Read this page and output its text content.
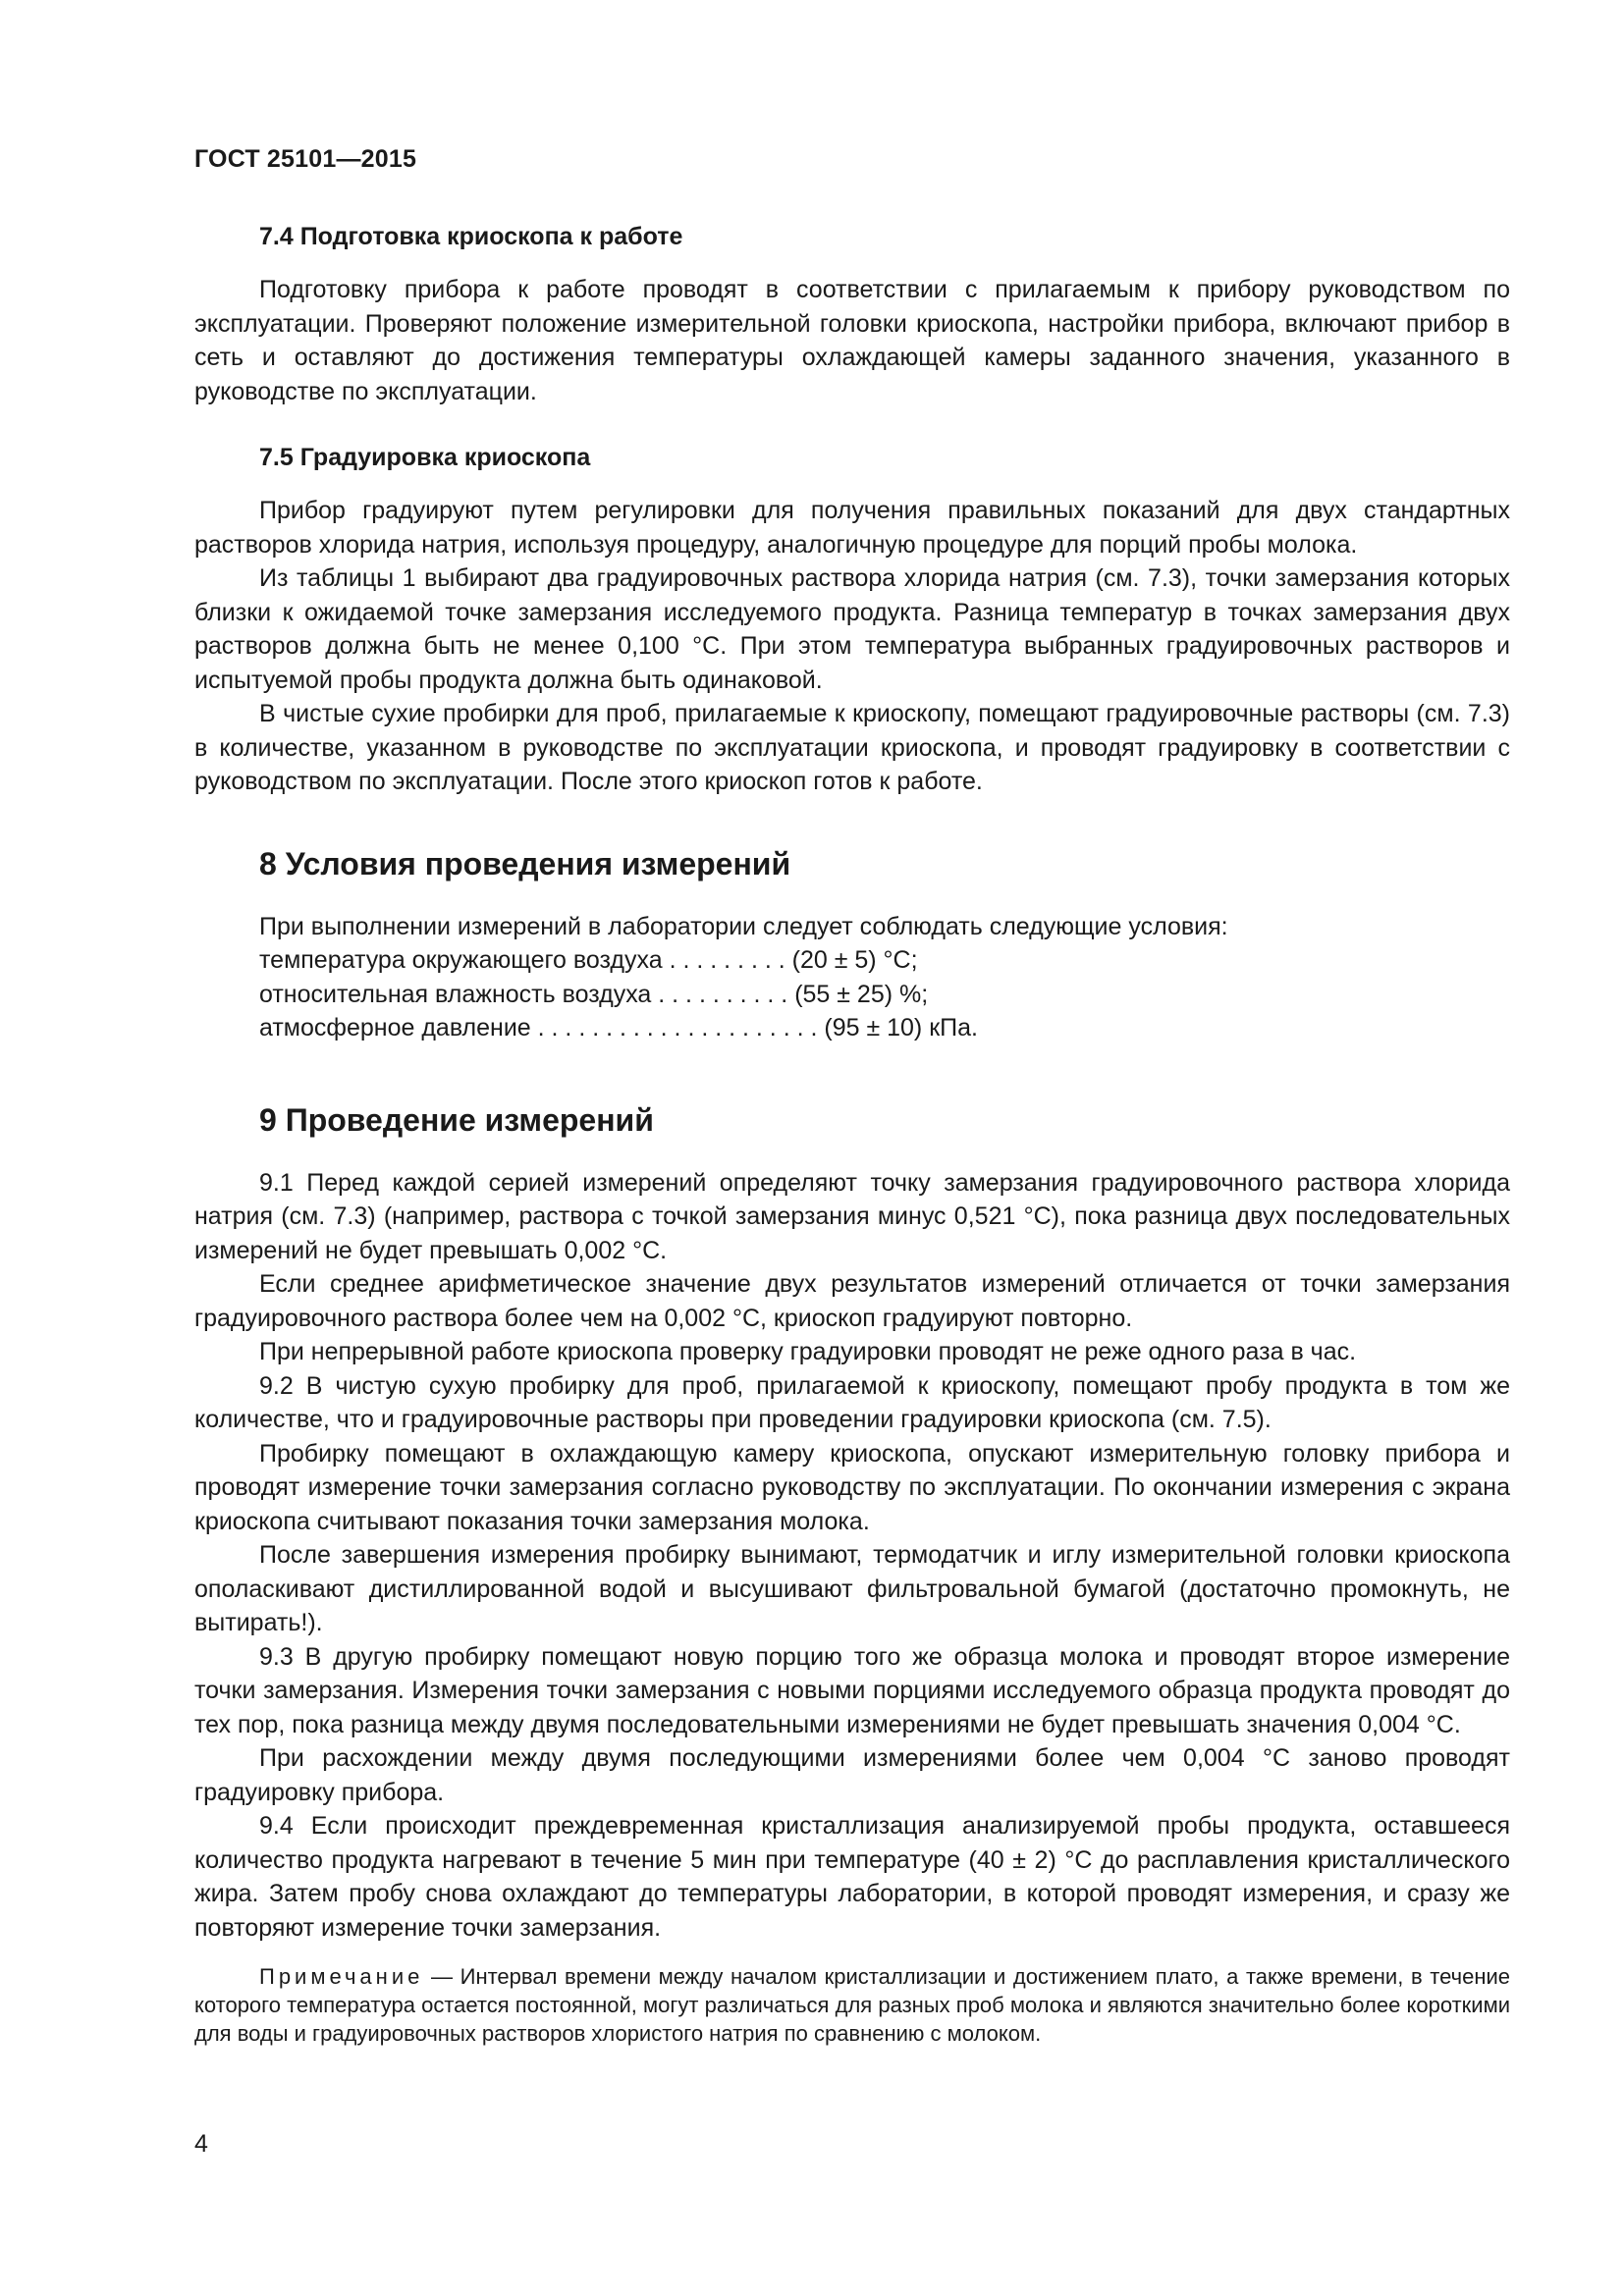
ГОСТ 25101—2015
7.4 Подготовка криоскопа к работе

Подготовку прибора к работе проводят в соответствии с прилагаемым к прибору руководством по эксплуатации. Проверяют положение измерительной головки криоскопа, настройки прибора, включают прибор в сеть и оставляют до достижения температуры охлаждающей камеры заданного значения, указанного в руководстве по эксплуатации.

7.5 Градуировка криоскопа

Прибор градуируют путем регулировки для получения правильных показаний для двух стандартных растворов хлорида натрия, используя процедуру, аналогичную процедуре для порций пробы молока.

Из таблицы 1 выбирают два градуировочных раствора хлорида натрия (см. 7.3), точки замерзания которых близки к ожидаемой точке замерзания исследуемого продукта. Разница температур в точках замерзания двух растворов должна быть не менее 0,100 °С. При этом температура выбранных градуировочных растворов и испытуемой пробы продукта должна быть одинаковой.

В чистые сухие пробирки для проб, прилагаемые к криоскопу, помещают градуировочные растворы (см. 7.3) в количестве, указанном в руководстве по эксплуатации криоскопа, и проводят градуировку в соответствии с руководством по эксплуатации. После этого криоскоп готов к работе.

8 Условия проведения измерений
При выполнении измерений в лаборатории следует соблюдать следующие условия:
температура окружающего воздуха . . . . . . . . . (20 ± 5) °С;
относительная влажность воздуха . . . . . . . . . . (55 ± 25) %;
атмосферное давление . . . . . . . . . . . . . . . . . . . . . (95 ± 10) кПа.
9 Проведение измерений

9.1 Перед каждой серией измерений определяют точку замерзания градуировочного раствора хлорида натрия (см. 7.3) (например, раствора с точкой замерзания минус 0,521 °С), пока разница двух последовательных измерений не будет превышать 0,002 °С.

Если среднее арифметическое значение двух результатов измерений отличается от точки замерзания градуировочного раствора более чем на 0,002 °С, криоскоп градуируют повторно.

При непрерывной работе криоскопа проверку градуировки проводят не реже одного раза в час.

9.2 В чистую сухую пробирку для проб, прилагаемой к криоскопу, помещают пробу продукта в том же количестве, что и градуировочные растворы при проведении градуировки криоскопа (см. 7.5).

Пробирку помещают в охлаждающую камеру криоскопа, опускают измерительную головку прибора и проводят измерение точки замерзания согласно руководству по эксплуатации. По окончании измерения с экрана криоскопа считывают показания точки замерзания молока.

После завершения измерения пробирку вынимают, термодатчик и иглу измерительной головки криоскопа ополаскивают дистиллированной водой и высушивают фильтровальной бумагой (достаточно промокнуть, не вытирать!).

9.3 В другую пробирку помещают новую порцию того же образца молока и проводят второе измерение точки замерзания. Измерения точки замерзания с новыми порциями исследуемого образца продукта проводят до тех пор, пока разница между двумя последовательными измерениями не будет превышать значения 0,004 °С.

При расхождении между двумя последующими измерениями более чем 0,004 °С заново проводят градуировку прибора.

9.4 Если происходит преждевременная кристаллизация анализируемой пробы продукта, оставшееся количество продукта нагревают в течение 5 мин при температуре (40 ± 2) °С до расплавления кристаллического жира. Затем пробу снова охлаждают до температуры лаборатории, в которой проводят измерения, и сразу же повторяют измерение точки замерзания.

Примечание — Интервал времени между началом кристаллизации и достижением плато, а также времени, в течение которого температура остается постоянной, могут различаться для разных проб молока и являются значительно более короткими для воды и градуировочных растворов хлористого натрия по сравнению с молоком.

4
